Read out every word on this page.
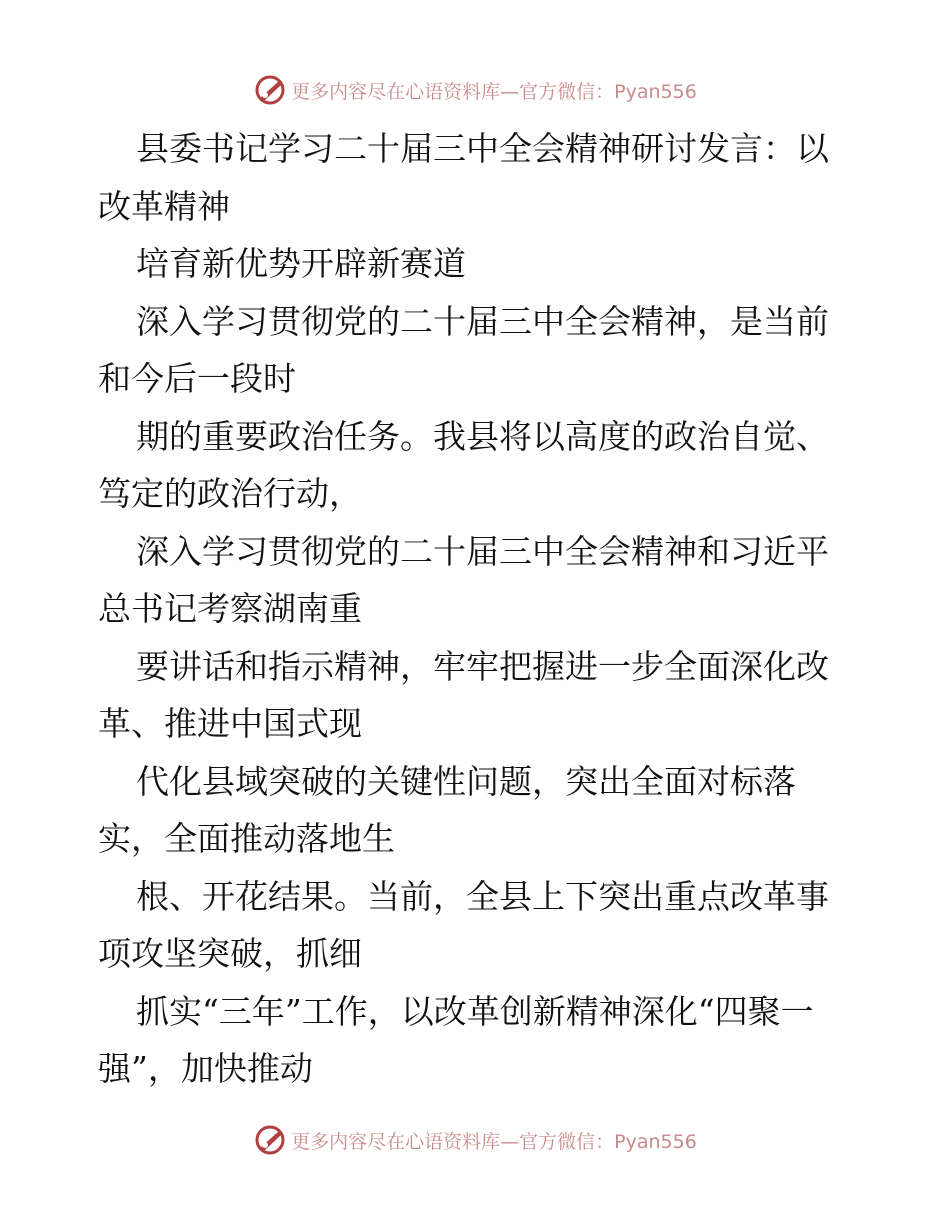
更多内容尽在心语资料库—官方微信：Pyan556

县委书记学习二十届三中全会精神研讨发言：以改革精神

培育新优势开辟新赛道

深入学习贯彻党的二十届三中全会精神，是当前和今后一段时

期的重要政治任务。我县将以高度的政治自觉、笃定的政治行动，

深入学习贯彻党的二十届三中全会精神和习近平总书记考察湖南重

要讲话和指示精神，牢牢把握进一步全面深化改革、推进中国式现

代化县域突破的关键性问题，突出全面对标落实，全面推动落地生

根、开花结果。当前，全县上下突出重点改革事项攻坚突破，抓细

抓实“三年”工作，以改革创新精神深化“四聚一强”，加快推动

更多内容尽在心语资料库—官方微信：Pyan556
